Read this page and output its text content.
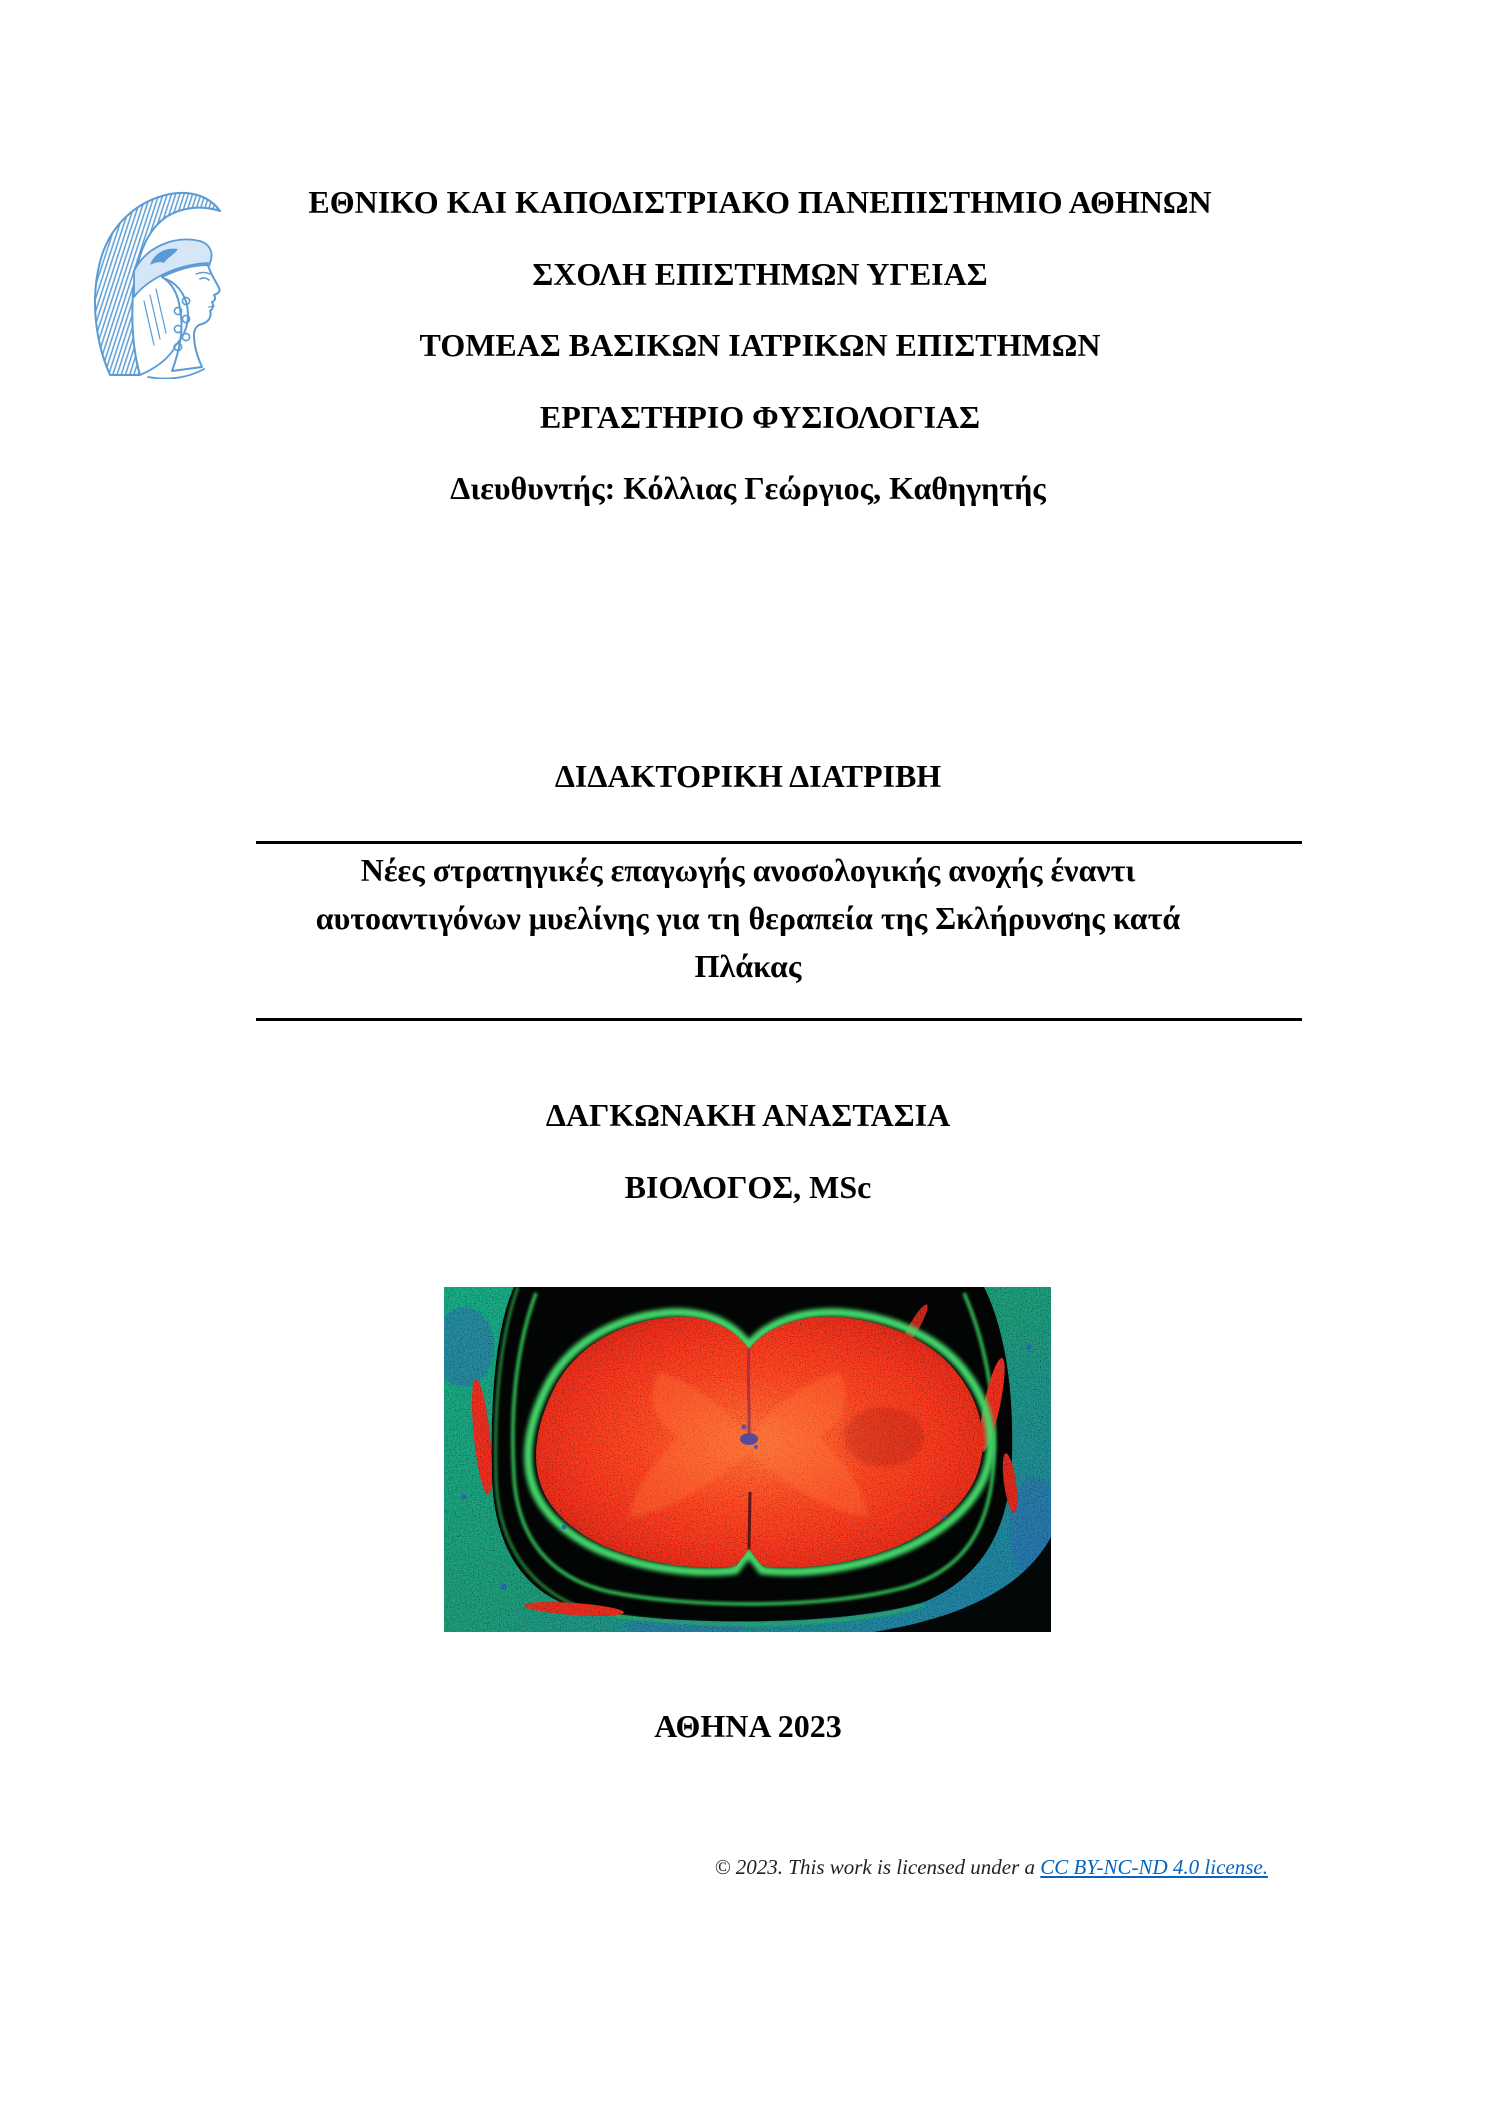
ΕΘΝΙΚΟ ΚΑΙ ΚΑΠΟΔΙΣΤΡΙΑΚΟ ΠΑΝΕΠΙΣΤΗΜΙΟ ΑΘΗΝΩΝ
ΣΧΟΛΗ ΕΠΙΣΤΗΜΩΝ ΥΓΕΙΑΣ
ΤΟΜΕΑΣ ΒΑΣΙΚΩΝ ΙΑΤΡΙΚΩΝ ΕΠΙΣΤΗΜΩΝ
ΕΡΓΑΣΤΗΡΙΟ ΦΥΣΙΟΛΟΓΙΑΣ
Διευθυντής: Κόλλιας Γεώργιος, Καθηγητής
ΔΙΔΑΚΤΟΡΙΚΗ ΔΙΑΤΡΙΒΗ
Νέες στρατηγικές επαγωγής ανοσολογικής ανοχής έναντι
αυτοαντιγόνων μυελίνης για τη θεραπεία της Σκλήρυνσης κατά
Πλάκας
ΔΑΓΚΩΝΑΚΗ ΑΝΑΣΤΑΣΙΑ
ΒΙΟΛΟΓΟΣ, MSc
ΑΘΗΝΑ 2023
© 2023. This work is licensed under a CC BY-NC-ND 4.0 license.
